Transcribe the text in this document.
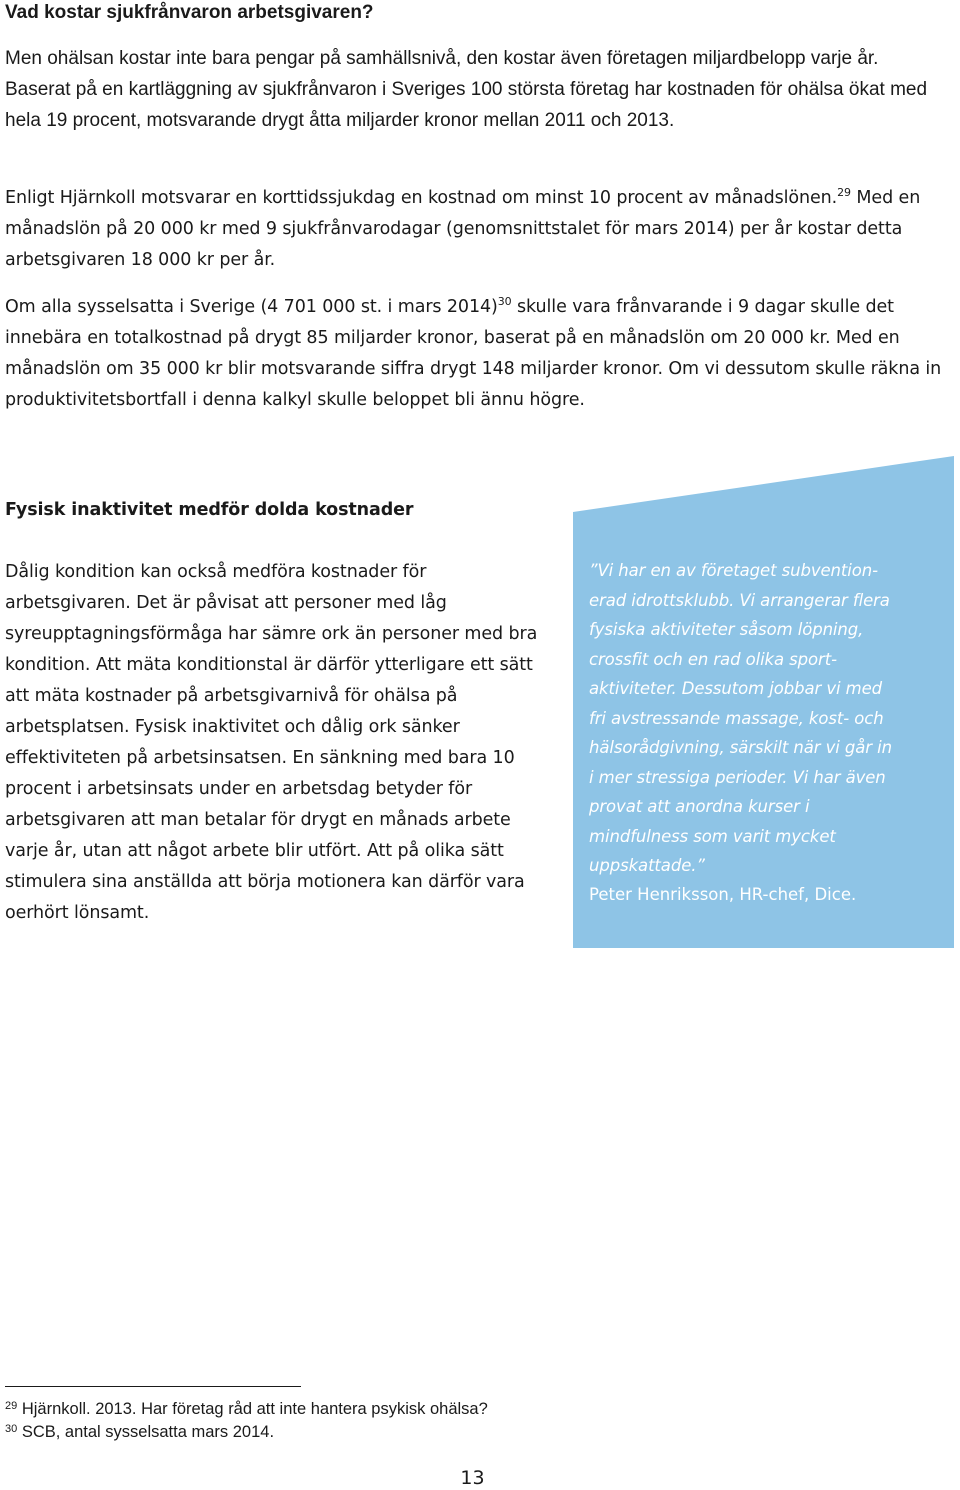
Vad kostar sjukfrånvaron arbetsgivaren?

Men ohälsan kostar inte bara pengar på samhällsnivå, den kostar även företagen miljardbelopp varje år. Baserat på en kartläggning av sjukfrånvaron i Sveriges 100 största företag har kostnaden för ohälsa ökat med hela 19 procent, motsvarande drygt åtta miljarder kronor mellan 2011 och 2013.

Enligt Hjärnkoll motsvarar en korttidssjukdag en kostnad om minst 10 procent av månadslönen.$^{29}$ Med en månadslön på 20 000 kr med 9 sjukfrånvarodagar (genomsnittstalet för mars 2014) per år kostar detta arbetsgivaren 18 000 kr per år.

Om alla sysselsatta i Sverige (4 701 000 st. i mars 2014)$^{30}$ skulle vara frånvarande i 9 dagar skulle det innebära en totalkostnad på drygt 85 miljarder kronor, baserat på en månadslön om 20 000 kr. Med en månadslön om 35 000 kr blir motsvarande siffra drygt 148 miljarder kronor. Om vi dessutom skulle räkna in produktivitetsbortfall i denna kalkyl skulle beloppet bli ännu högre.

Fysisk inaktivitet medför dolda kostnader

Dålig kondition kan också medföra kostnader för arbetsgivaren. Det är påvisat att personer med låg syreupptagningsförmåga har sämre ork än personer med bra kondition. Att mäta konditionstal är därför ytterligare ett sätt att mäta kostnader på arbetsgivarnivå för ohälsa på arbetsplatsen. Fysisk inaktivitet och dålig ork sänker effektiviteten på arbetsinsatsen. En sänkning med bara 10 procent i arbetsinsats under en arbetsdag betyder för arbetsgivaren att man betalar för drygt en månads arbete varje år, utan att något arbete blir utfört. Att på olika sätt stimulera sina anställda att börja motionera kan därför vara oerhört lönsamt.

”Vi har en av företaget subvention-

erad idrottsklubb. Vi arrangerar flera

fysiska aktiviteter såsom löpning,

crossfit och en rad olika sport-

aktiviteter. Dessutom jobbar vi med

fri avstressande massage, kost- och

hälsorådgivning, särskilt när vi går in

i mer stressiga perioder. Vi har även

provat att anordna kurser i

mindfulness som varit mycket

uppskattade.”

Peter Henriksson, HR-chef, Dice.

$^{29}$ Hjärnkoll. 2013. Har företag råd att inte hantera psykisk ohälsa?

$^{30}$ SCB, antal sysselsatta mars 2014.

13
